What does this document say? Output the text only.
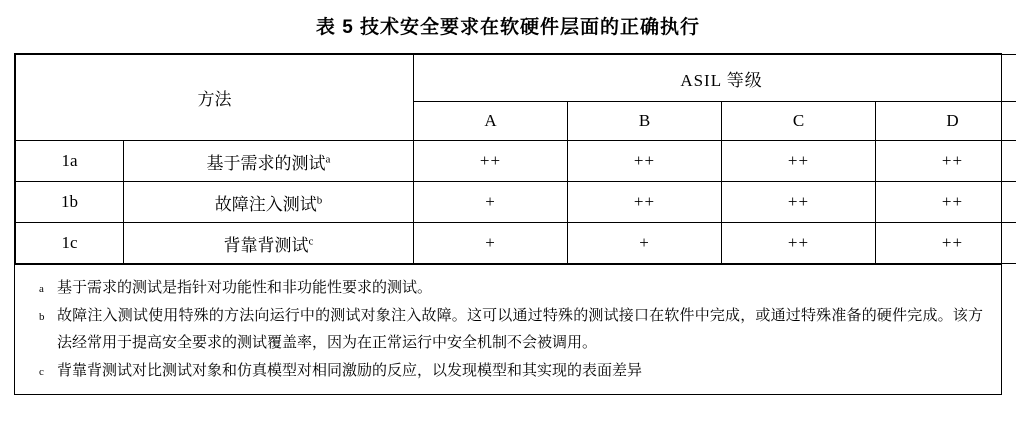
表 5 技术安全要求在软硬件层面的正确执行
方法		ASIL 等级			
		A	B	C	D
1a	基于需求的测试$^a$	++	++	++	++
1b	故障注入测试$^b$	+	++	++	++
1c	背靠背测试$^c$	+	+	++	++
a 基于需求的测试是指针对功能性和非功能性要求的测试。
b 故障注入测试使用特殊的方法向运行中的测试对象注入故障。这可以通过特殊的测试接口在软件中完成，或通过特殊准备的硬件完成。该方法经常用于提高安全要求的测试覆盖率，因为在正常运行中安全机制不会被调用。
c 背靠背测试对比测试对象和仿真模型对相同激励的反应，以发现模型和其实现的表面差异
